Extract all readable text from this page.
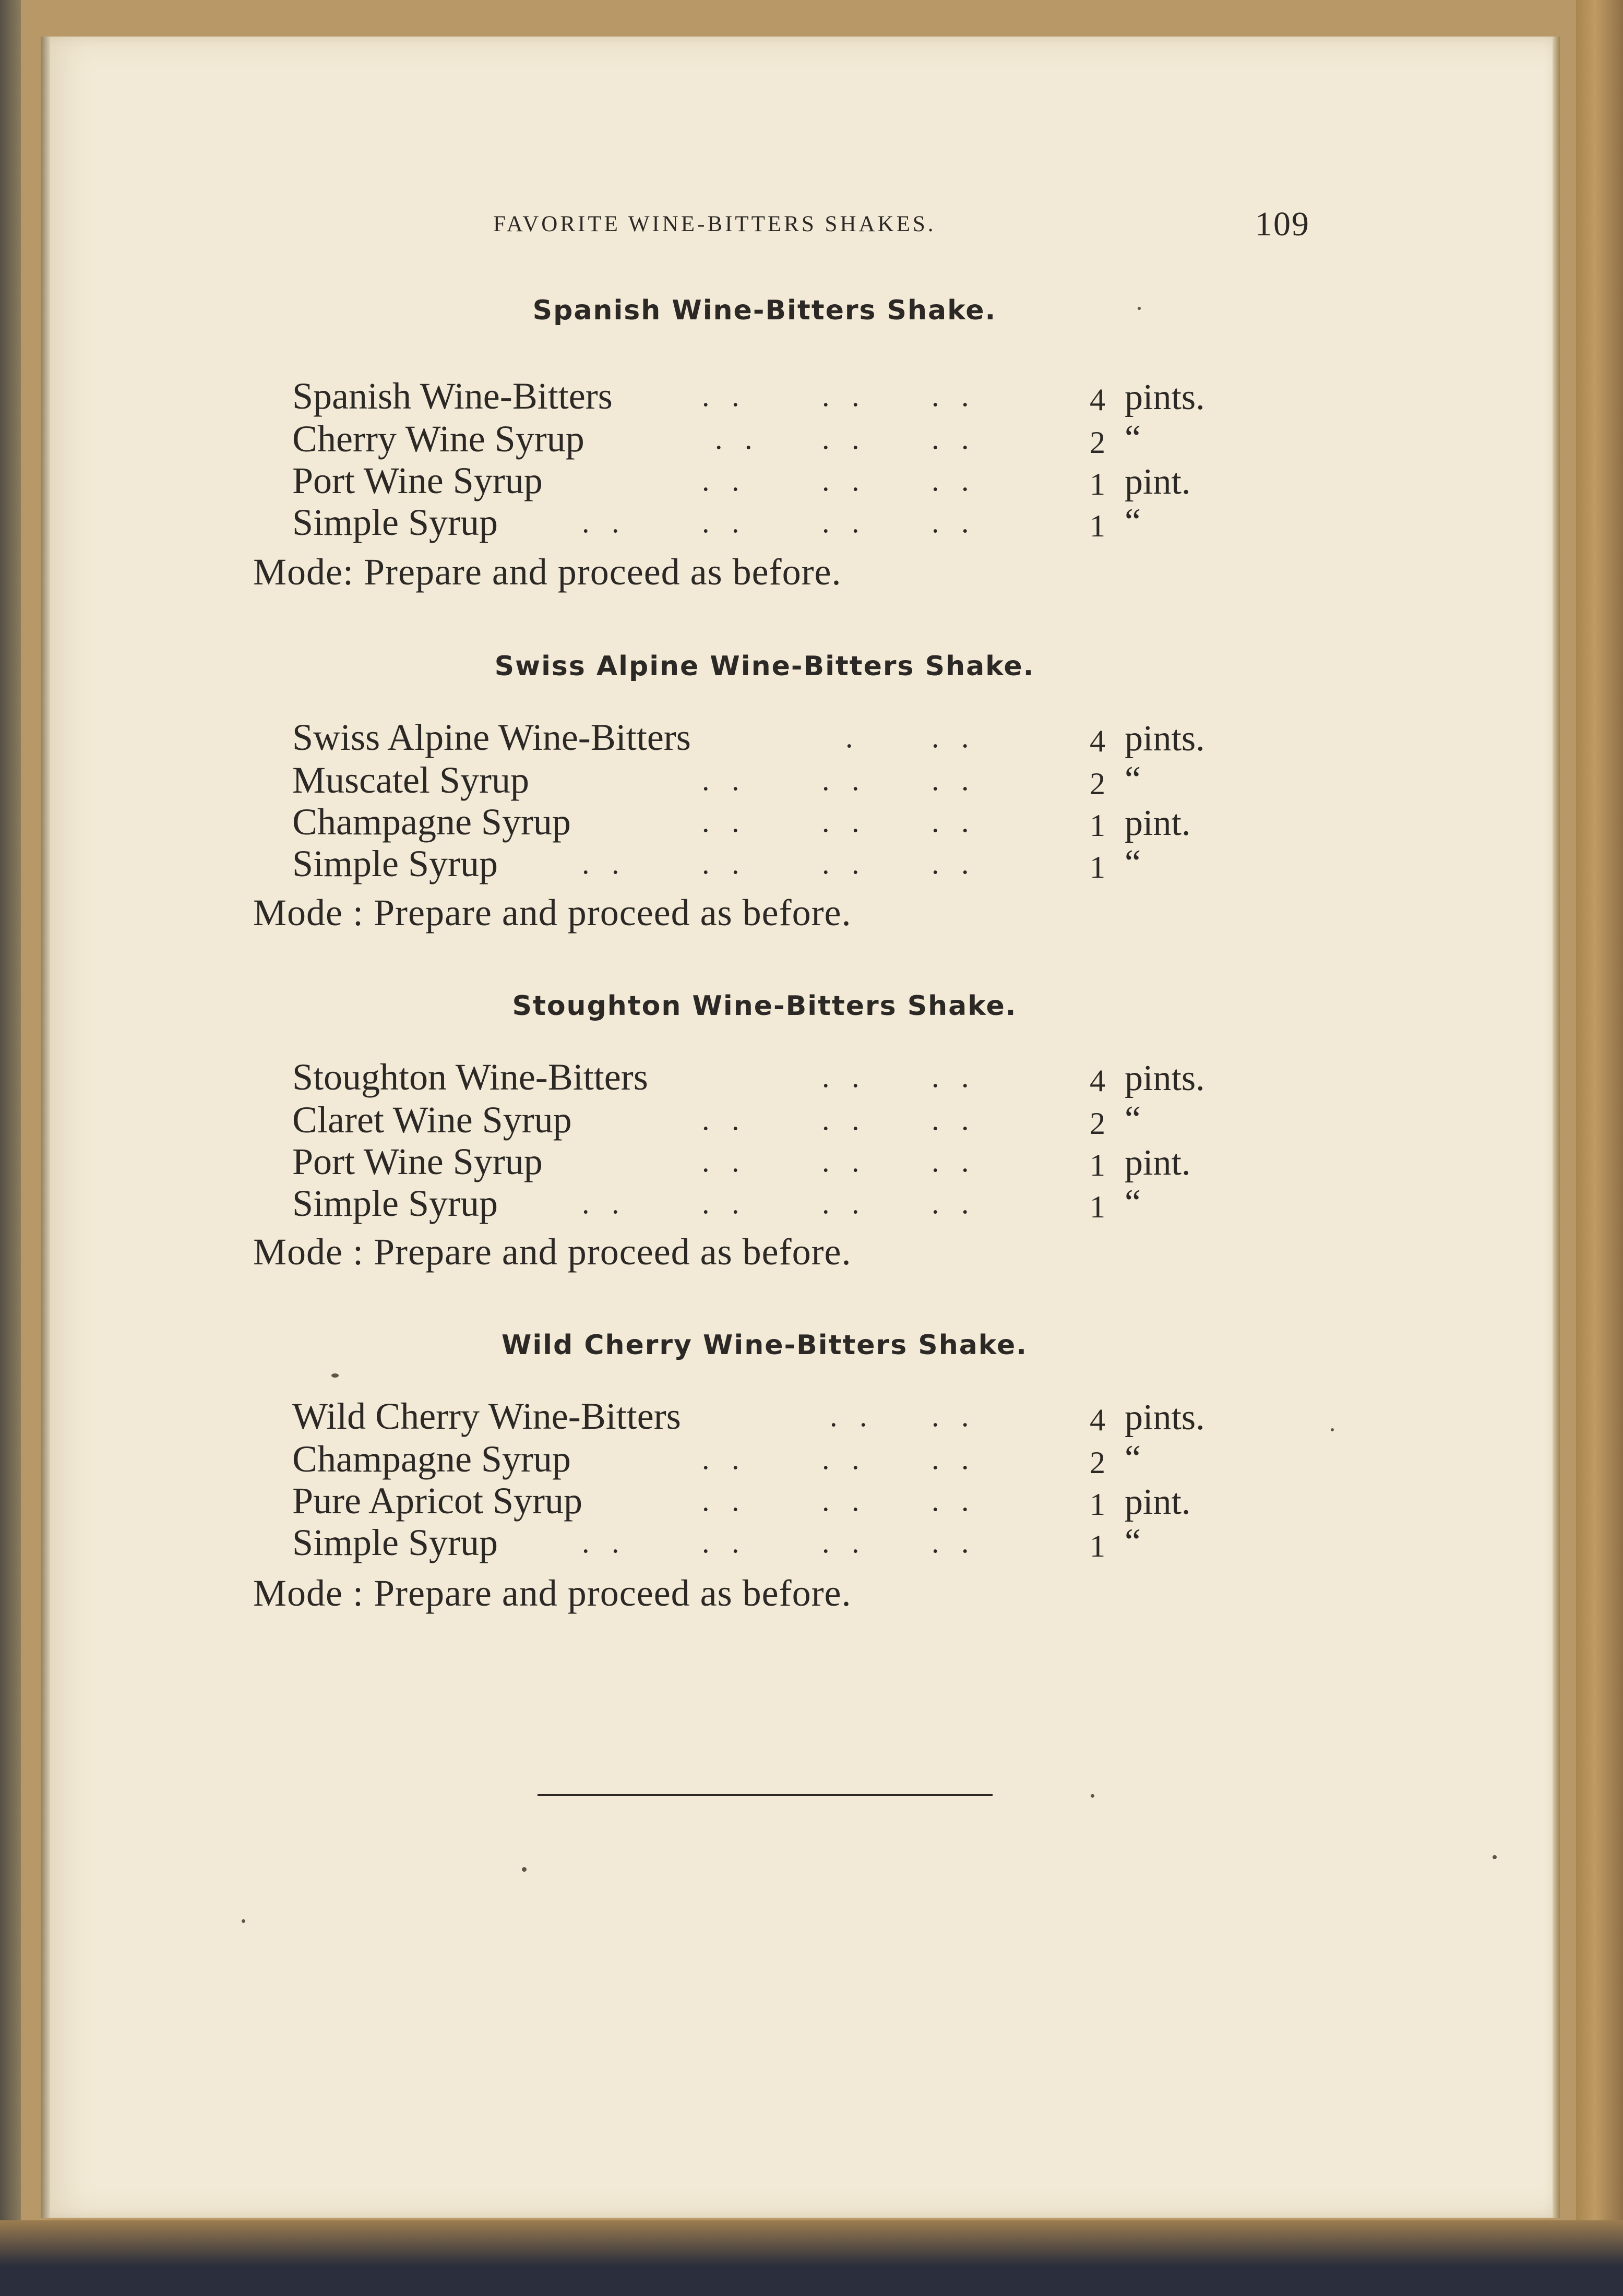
FAVORITE WINE-BITTERS SHAKES.	109
Spanish Wine-Bitters Shake.
Spanish Wine-Bitters	. . . . . .	4 pints.
Cherry Wine Syrup	. . . . . .	2 “
Port Wine Syrup	. . . . . .	1 pint.
Simple Syrup	. . . . . . . .	1 “
Mode: Prepare and proceed as before.
Swiss Alpine Wine-Bitters Shake.
Swiss Alpine Wine-Bitters	. . .	4 pints.
Muscatel Syrup	. . . . . .	2 “
Champagne Syrup	. . . . . .	1 pint.
Simple Syrup	. . . . . . . .	1 “
Mode : Prepare and proceed as before.
Stoughton Wine-Bitters Shake.
Stoughton Wine-Bitters	. . . .	4 pints.
Claret Wine Syrup	. . . . . .	2 “
Port Wine Syrup	. . . . . .	1 pint.
Simple Syrup	. . . . . . . .	1 “
Mode : Prepare and proceed as before.
Wild Cherry Wine-Bitters Shake.
Wild Cherry Wine-Bitters	. . . .	4 pints.
Champagne Syrup	. . . . . .	2 “
Pure Apricot Syrup	. . . . . .	1 pint.
Simple Syrup	. . . . . . . .	1 “
Mode : Prepare and proceed as before.
